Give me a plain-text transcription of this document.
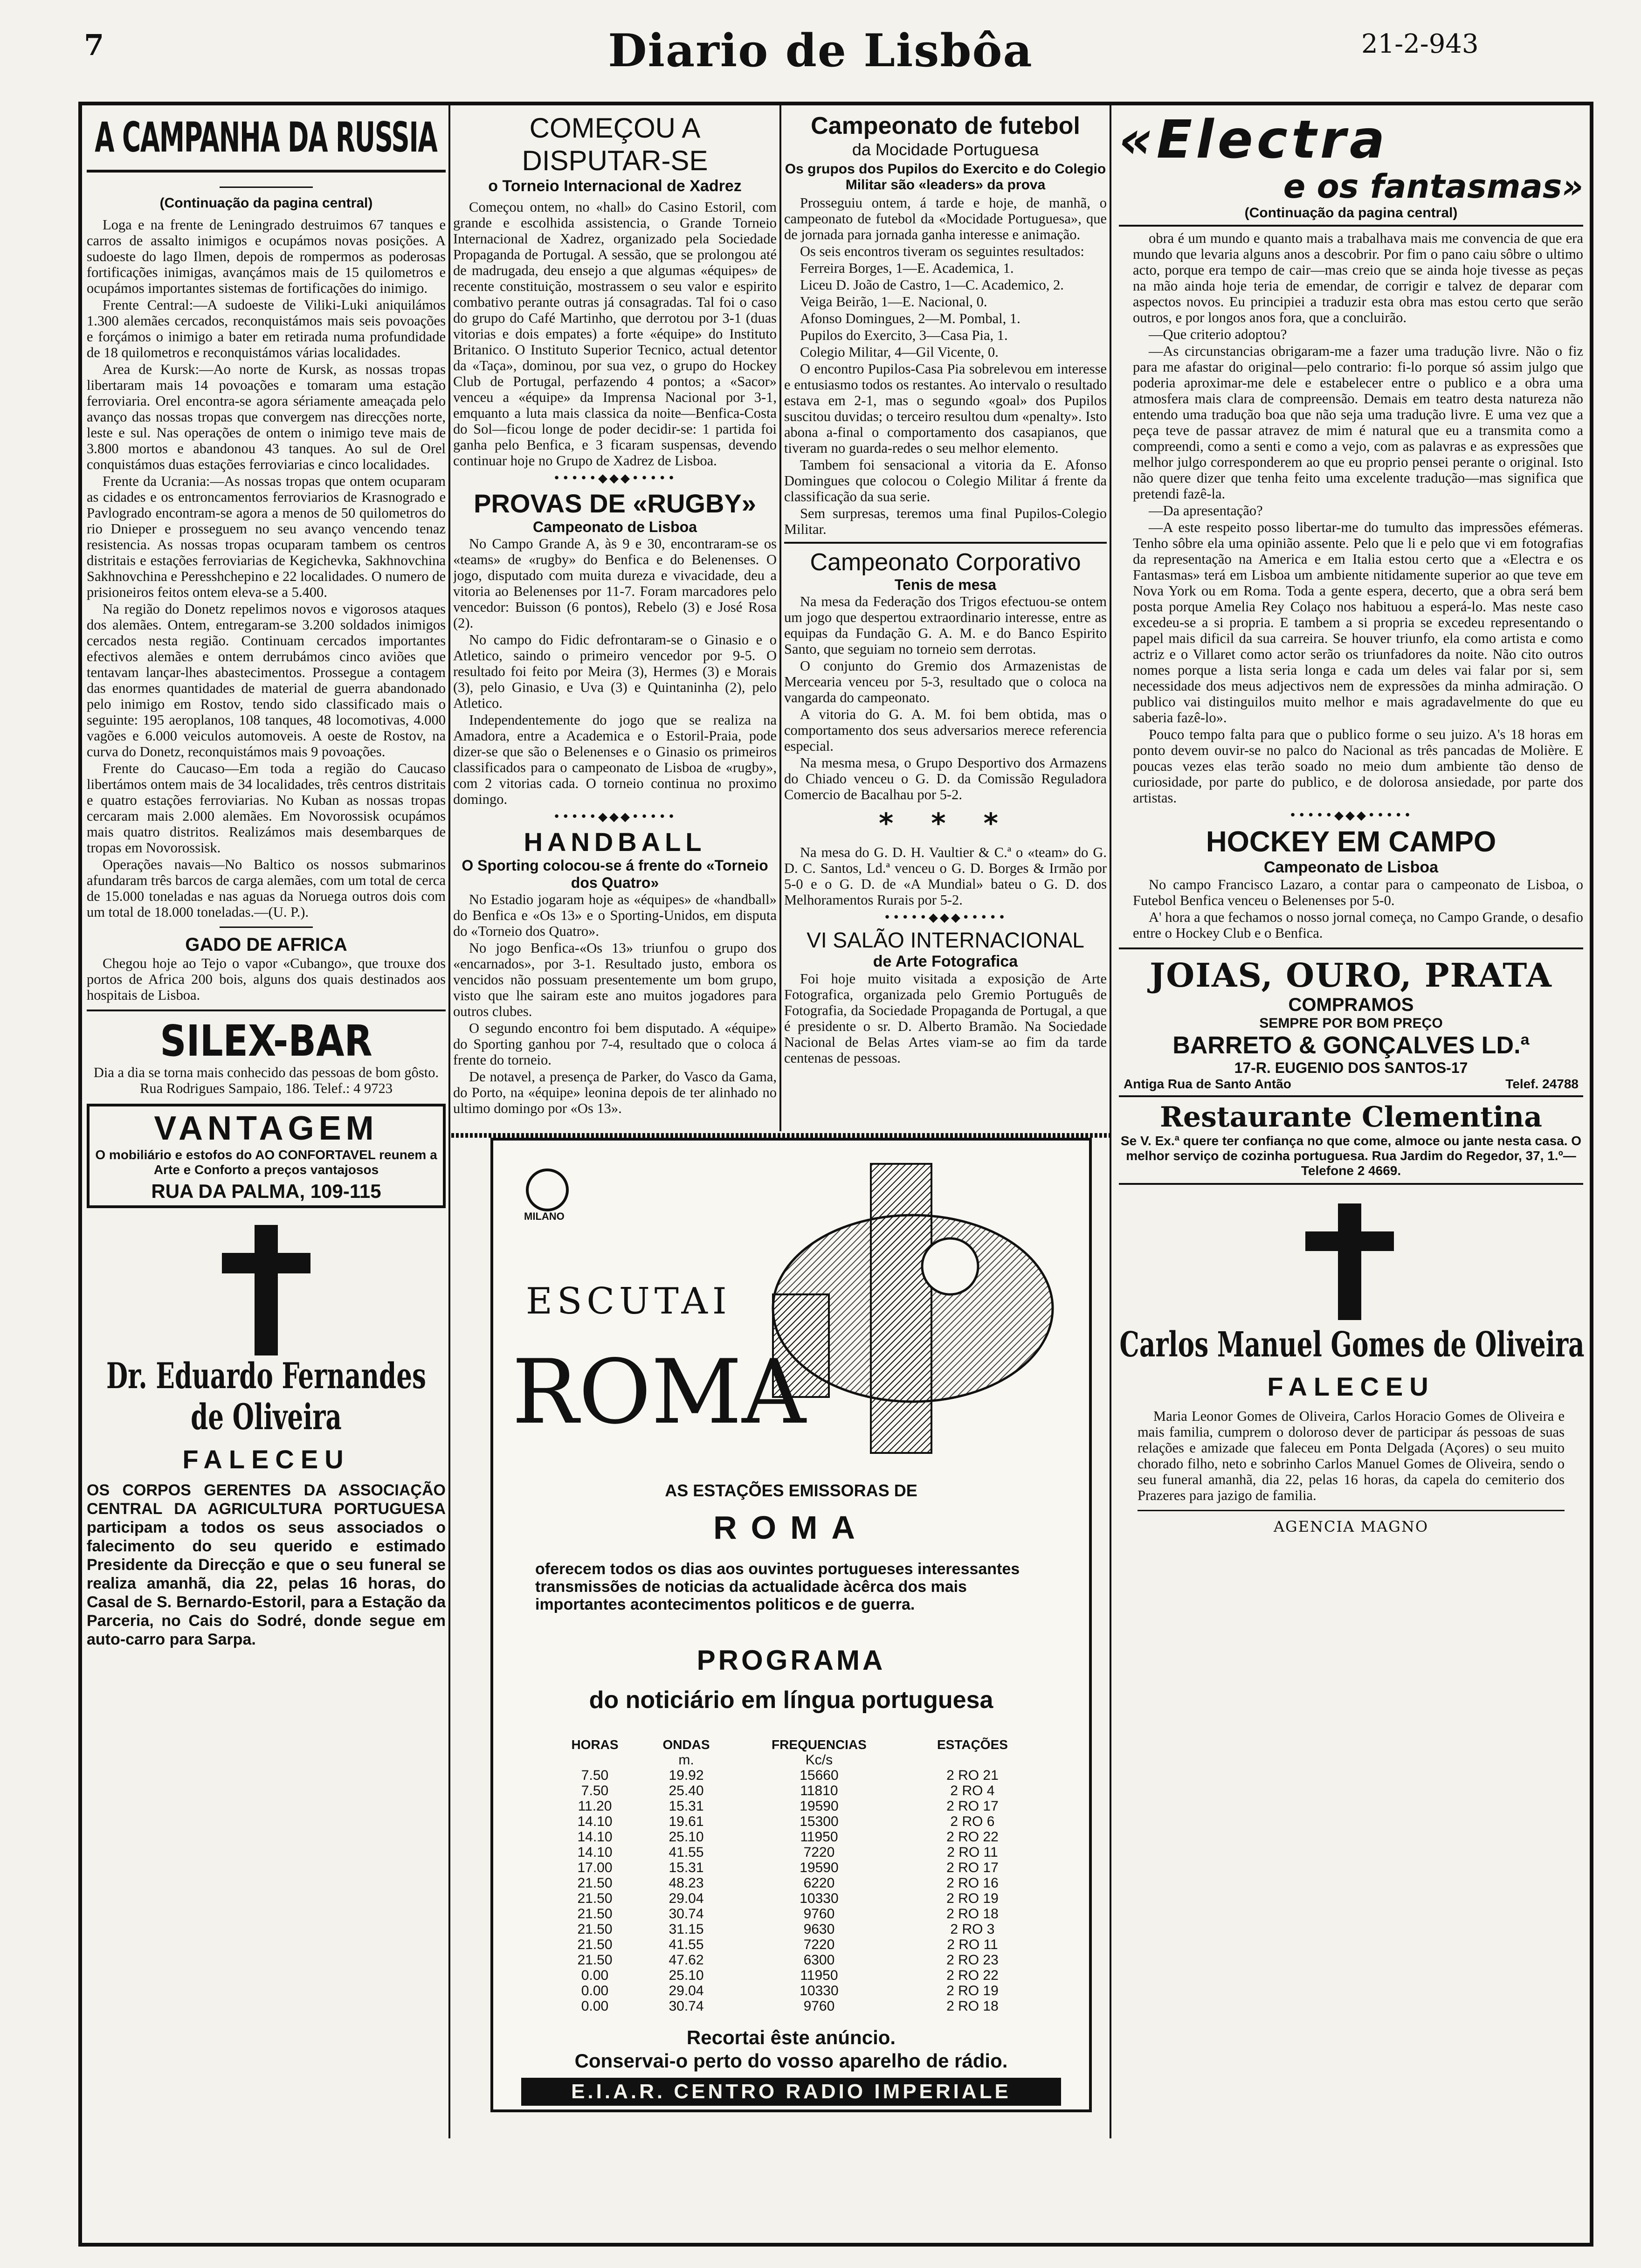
7	Diario de Lisbôa	21-2-943
A CAMPANHA DA RUSSIA
(Continuação da pagina central)

Loga e na frente de Leningrado destruimos 67 tanques e carros de assalto inimigos e ocupámos novas posições. A sudoeste do lago Ilmen, depois de rompermos as poderosas fortificações inimigas, avançámos mais de 15 quilometros e ocupámos importantes sistemas de fortificações do inimigo.

Frente Central:—A sudoeste de Viliki-Luki aniquilámos 1.300 alemães cercados, reconquistámos mais seis povoações e forçámos o inimigo a bater em retirada numa profundidade de 18 quilometros e reconquistámos várias localidades.

Area de Kursk:—Ao norte de Kursk, as nossas tropas libertaram mais 14 povoações e tomaram uma estação ferroviaria. Orel encontra-se agora sériamente ameaçada pelo avanço das nossas tropas que convergem nas direcções norte, leste e sul. Nas operações de ontem o inimigo teve mais de 3.800 mortos e abandonou 43 tanques. Ao sul de Orel conquistámos duas estações ferroviarias e cinco localidades.

Frente da Ucrania:—As nossas tropas que ontem ocuparam as cidades e os entroncamentos ferroviarios de Krasnogrado e Pavlogrado encontram-se agora a menos de 50 quilometros do rio Dnieper e prosseguem no seu avanço vencendo tenaz resistencia. As nossas tropas ocuparam tambem os centros distritais e estações ferroviarias de Kegichevka, Sakhnovchina Sakhnovchina e Peresshchepino e 22 localidades. O numero de prisioneiros feitos ontem eleva-se a 5.400.

Na região do Donetz repelimos novos e vigorosos ataques dos alemães. Ontem, entregaram-se 3.200 soldados inimigos cercados nesta região. Continuam cercados importantes efectivos alemães e ontem derrubámos cinco aviões que tentavam lançar-lhes abastecimentos. Prossegue a contagem das enormes quantidades de material de guerra abandonado pelo inimigo em Rostov, tendo sido classificado mais o seguinte: 195 aeroplanos, 108 tanques, 48 locomotivas, 4.000 vagões e 6.000 veiculos automoveis. A oeste de Rostov, na curva do Donetz, reconquistámos mais 9 povoações.

Frente do Caucaso—Em toda a região do Caucaso libertámos ontem mais de 34 localidades, três centros distritais e quatro estações ferroviarias. No Kuban as nossas tropas cercaram mais 2.000 alemães. Em Novorossisk ocupámos mais quatro distritos. Realizámos mais desembarques de tropas em Novorossisk.

Operações navais—No Baltico os nossos submarinos afundaram três barcos de carga alemães, com um total de cerca de 15.000 toneladas e nas aguas da Noruega outros dois com um total de 18.000 toneladas.—(U. P.).

GADO DE AFRICA

Chegou hoje ao Tejo o vapor «Cubango», que trouxe dos portos de Africa 200 bois, alguns dos quais destinados aos hospitais de Lisboa.

SILEX-BAR

Dia a dia se torna mais conhecido das pessoas de bom gôsto. Rua Rodrigues Sampaio, 186. Telef.: 4 9723

VANTAGEM
O mobiliário e estofos do AO CONFORTAVEL reunem a Arte e Conforto a preços vantajosos
RUA DA PALMA, 109-115
Dr. Eduardo Fernandes de Oliveira
FALECEU
OS CORPOS GERENTES DA ASSOCIAÇÃO CENTRAL DA AGRICULTURA PORTUGUESA participam a todos os seus associados o falecimento do seu querido e estimado Presidente da Direcção e que o seu funeral se realiza amanhã, dia 22, pelas 16 horas, do Casal de S. Bernardo-Estoril, para a Estação da Parceria, no Cais do Sodré, donde segue em auto-carro para Sarpa.
COMEÇOU A DISPUTAR-SE
o Torneio Internacional de Xadrez

Começou ontem, no «hall» do Casino Estoril, com grande e escolhida assistencia, o Grande Torneio Internacional de Xadrez, organizado pela Sociedade Propaganda de Portugal. A sessão, que se prolongou até de madrugada, deu ensejo a que algumas «équipes» de recente constituição, mostrassem o seu valor e espirito combativo perante outras já consagradas. Tal foi o caso do grupo do Café Martinho, que derrotou por 3-1 (duas vitorias e dois empates) a forte «équipe» do Instituto Britanico. O Instituto Superior Tecnico, actual detentor da «Taça», dominou, por sua vez, o grupo do Hockey Club de Portugal, perfazendo 4 pontos; a «Sacor» venceu a «équipe» da Imprensa Nacional por 3-1, emquanto a luta mais classica da noite—Benfica-Costa do Sol—ficou longe de poder decidir-se: 1 partida foi ganha pelo Benfica, e 3 ficaram suspensas, devendo continuar hoje no Grupo de Xadrez de Lisboa.

•••••◆◆◆•••••
PROVAS DE «RUGBY»
Campeonato de Lisboa

No Campo Grande A, às 9 e 30, encontraram-se os «teams» de «rugby» do Benfica e do Belenenses. O jogo, disputado com muita dureza e vivacidade, deu a vitoria ao Belenenses por 11-7. Foram marcadores pelo vencedor: Buisson (6 pontos), Rebelo (3) e José Rosa (2).

No campo do Fidic defrontaram-se o Ginasio e o Atletico, saindo o primeiro vencedor por 9-5. O resultado foi feito por Meira (3), Hermes (3) e Morais (3), pelo Ginasio, e Uva (3) e Quintaninha (2), pelo Atletico.

Independentemente do jogo que se realiza na Amadora, entre a Academica e o Estoril-Praia, pode dizer-se que são o Belenenses e o Ginasio os primeiros classificados para o campeonato de Lisboa de «rugby», com 2 vitorias cada. O torneio continua no proximo domingo.

•••••◆◆◆•••••
HANDBALL
O Sporting colocou-se á frente do «Torneio dos Quatro»

No Estadio jogaram hoje as «équipes» de «handball» do Benfica e «Os 13» e o Sporting-Unidos, em disputa do «Torneio dos Quatro».

No jogo Benfica-«Os 13» triunfou o grupo dos «encarnados», por 3-1. Resultado justo, embora os vencidos não possuam presentemente um bom grupo, visto que lhe sairam este ano muitos jogadores para outros clubes.

O segundo encontro foi bem disputado. A «équipe» do Sporting ganhou por 7-4, resultado que o coloca á frente do torneio.

De notavel, a presença de Parker, do Vasco da Gama, do Porto, na «équipe» leonina depois de ter alinhado no ultimo domingo por «Os 13».

Campeonato de futebol
da Mocidade Portuguesa
Os grupos dos Pupilos do Exercito e do Colegio Militar são «leaders» da prova

Prosseguiu ontem, á tarde e hoje, de manhã, o campeonato de futebol da «Mocidade Portuguesa», que de jornada para jornada ganha interesse e animação.

Os seis encontros tiveram os seguintes resultados:

Ferreira Borges, 1—E. Academica, 1.

Liceu D. João de Castro, 1—C. Academico, 2.

Veiga Beirão, 1—E. Nacional, 0.

Afonso Domingues, 2—M. Pombal, 1.

Pupilos do Exercito, 3—Casa Pia, 1.

Colegio Militar, 4—Gil Vicente, 0.

O encontro Pupilos-Casa Pia sobrelevou em interesse e entusiasmo todos os restantes. Ao intervalo o resultado estava em 2-1, mas o segundo «goal» dos Pupilos suscitou duvidas; o terceiro resultou dum «penalty». Isto abona a-final o comportamento dos casapianos, que tiveram no guarda-redes o seu melhor elemento.

Tambem foi sensacional a vitoria da E. Afonso Domingues que colocou o Colegio Militar á frente da classificação da sua serie.

Sem surpresas, teremos uma final Pupilos-Colegio Militar.

Campeonato Corporativo
Tenis de mesa

Na mesa da Federação dos Trigos efectuou-se ontem um jogo que despertou extraordinario interesse, entre as equipas da Fundação G. A. M. e do Banco Espirito Santo, que seguiam no torneio sem derrotas.

O conjunto do Gremio dos Armazenistas de Mercearia venceu por 5-3, resultado que o coloca na vangarda do campeonato.

A vitoria do G. A. M. foi bem obtida, mas o comportamento dos seus adversarios merece referencia especial.

Na mesma mesa, o Grupo Desportivo dos Armazens do Chiado venceu o G. D. da Comissão Reguladora Comercio de Bacalhau por 5-2.

* * *

Na mesa do G. D. H. Vaultier & C.ª o «team» do G. D. C. Santos, Ld.ª venceu o G. D. Borges & Irmão por 5-0 e o G. D. de «A Mundial» bateu o G. D. dos Melhoramentos Rurais por 5-2.

•••••◆◆◆•••••
VI SALÃO INTERNACIONAL
de Arte Fotografica

Foi hoje muito visitada a exposição de Arte Fotografica, organizada pelo Gremio Português de Fotografia, da Sociedade Propaganda de Portugal, a que é presidente o sr. D. Alberto Bramão. Na Sociedade Nacional de Belas Artes viam-se ao fim da tarde centenas de pessoas.

MILANO
ESCUTAI
ROMA
AS ESTAÇÕES EMISSORAS DE
ROMA
oferecem todos os dias aos ouvintes portugueses interessantes transmissões de noticias da actualidade àcêrca dos mais importantes acontecimentos politicos e de guerra.
PROGRAMA
do noticiário em língua portuguesa
HORAS	ONDAS	FREQUENCIAS	ESTAÇÕES
	m.	Kc/s	
7.50	19.92	15660	2 RO 21
7.50	25.40	11810	2 RO 4
11.20	15.31	19590	2 RO 17
14.10	19.61	15300	2 RO 6
14.10	25.10	11950	2 RO 22
14.10	41.55	7220	2 RO 11
17.00	15.31	19590	2 RO 17
21.50	48.23	6220	2 RO 16
21.50	29.04	10330	2 RO 19
21.50	30.74	9760	2 RO 18
21.50	31.15	9630	2 RO 3
21.50	41.55	7220	2 RO 11
21.50	47.62	6300	2 RO 23
0.00	25.10	11950	2 RO 22
0.00	29.04	10330	2 RO 19
0.00	30.74	9760	2 RO 18
Recortai êste anúncio.
Conservai-o perto do vosso aparelho de rádio.
E.I.A.R. CENTRO RADIO IMPERIALE
«Electra
e os fantasmas»
(Continuação da pagina central)

obra é um mundo e quanto mais a trabalhava mais me convencia de que era mundo que levaria alguns anos a descobrir. Por fim o pano caiu sôbre o ultimo acto, porque era tempo de cair—mas creio que se ainda hoje tivesse as peças na mão ainda hoje teria de emendar, de corrigir e talvez de deparar com aspectos novos. Eu principiei a traduzir esta obra mas estou certo que serão outros, e por longos anos fora, que a concluirão.

—Que criterio adoptou?

—As circunstancias obrigaram-me a fazer uma tradução livre. Não o fiz para me afastar do original—pelo contrario: fi-lo porque só assim julgo que poderia aproximar-me dele e estabelecer entre o publico e a obra uma atmosfera mais clara de compreensão. Demais em teatro desta natureza não entendo uma tradução boa que não seja uma tradução livre. E uma vez que a peça teve de passar atravez de mim é natural que eu a transmita como a compreendi, como a senti e como a vejo, com as palavras e as expressões que melhor julgo corresponderem ao que eu proprio pensei perante o original. Isto não quere dizer que tenha feito uma excelente tradução—mas significa que pretendi fazê-la.

—Da apresentação?

—A este respeito posso libertar-me do tumulto das impressões efémeras. Tenho sôbre ela uma opinião assente. Pelo que li e pelo que vi em fotografias da representação na America e em Italia estou certo que a «Electra e os Fantasmas» terá em Lisboa um ambiente nitidamente superior ao que teve em Nova York ou em Roma. Toda a gente espera, decerto, que a obra será bem posta porque Amelia Rey Colaço nos habituou a esperá-lo. Mas neste caso excedeu-se a si propria. E tambem a si propria se excedeu representando o papel mais dificil da sua carreira. Se houver triunfo, ela como artista e como actriz e o Villaret como actor serão os triunfadores da noite. Não cito outros nomes porque a lista seria longa e cada um deles vai falar por si, sem necessidade dos meus adjectivos nem de expressões da minha admiração. O publico vai distinguilos muito melhor e mais agradavelmente do que eu saberia fazê-lo».

Pouco tempo falta para que o publico forme o seu juizo. A's 18 horas em ponto devem ouvir-se no palco do Nacional as três pancadas de Molière. E poucas vezes elas terão soado no meio dum ambiente tão denso de curiosidade, por parte do publico, e de dolorosa ansiedade, por parte dos artistas.

•••••◆◆◆•••••
HOCKEY EM CAMPO
Campeonato de Lisboa

No campo Francisco Lazaro, a contar para o campeonato de Lisboa, o Futebol Benfica venceu o Belenenses por 5-0.

A' hora a que fechamos o nosso jornal começa, no Campo Grande, o desafio entre o Hockey Club e o Benfica.

JOIAS, OURO, PRATA
COMPRAMOS
SEMPRE POR BOM PREÇO
BARRETO & GONÇALVES LD.ª
17-R. EUGENIO DOS SANTOS-17
Antiga Rua de Santo Antão	Telef. 24788
Restaurante Clementina
Se V. Ex.ª quere ter confiança no que come, almoce ou jante nesta casa. O melhor serviço de cozinha portuguesa. Rua Jardim do Regedor, 37, 1.º—Telefone 2 4669.
Carlos Manuel Gomes de Oliveira
FALECEU

Maria Leonor Gomes de Oliveira, Carlos Horacio Gomes de Oliveira e mais familia, cumprem o doloroso dever de participar ás pessoas de suas relações e amizade que faleceu em Ponta Delgada (Açores) o seu muito chorado filho, neto e sobrinho Carlos Manuel Gomes de Oliveira, sendo o seu funeral amanhã, dia 22, pelas 16 horas, da capela do cemiterio dos Prazeres para jazigo de familia.

AGENCIA MAGNO
